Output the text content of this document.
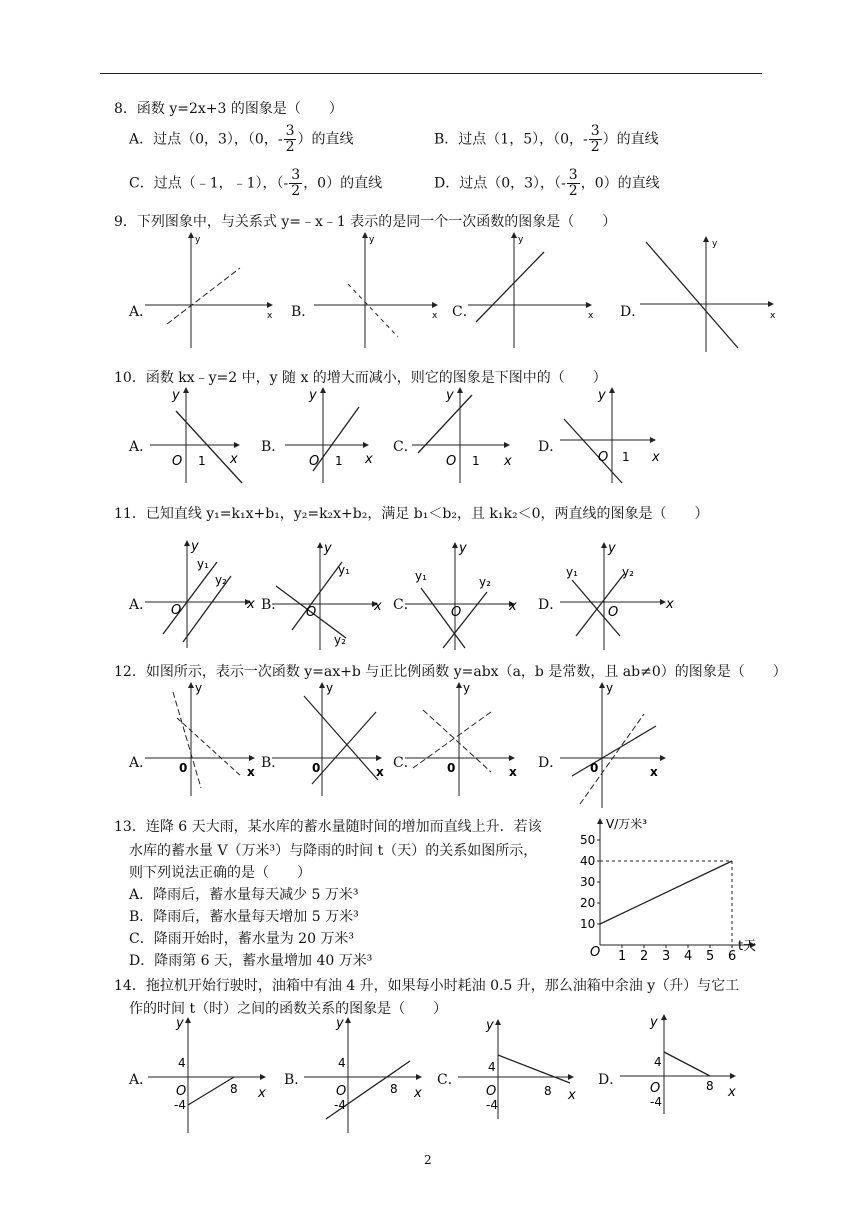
8．函数 y=2x+3 的图象是（　　）
A．过点（0，3），（0，- $\frac{3}{2}$ ）的直线	B．过点（1，5），（0，- $\frac{3}{2}$ ）的直线
C．过点（﹣1，﹣1），（- $\frac{3}{2}$ ，0）的直线	D．过点（0，3），（- $\frac{3}{2}$ ，0）的直线
9．下列图象中，与关系式 y=﹣x﹣1 表示的是同一个一次函数的图象是（　　）
A．	B．	C．	D．
y
x
y
x
y
x
y
x
10．函数 kx﹣y=2 中，y 随 x 的增大而减小，则它的图象是下图中的（　　）
A．	B．	C．	D．
y
x
O 1
y
x
O 1
y
x
O 1
y
x
O 1
11．已知直线 y₁=k₁x+b₁，y₂=k₂x+b₂，满足 b₁＜b₂，且 k₁k₂＜0，两直线的图象是（　　）
A．	B．	C．	D．
y
x
O
y₁
y₂
y
x
O
y₁
y₂
y
x
O
y₁	y₂
y
x
O
y₁	y₂
12．如图所示，表示一次函数 y=ax+b 与正比例函数 y=abx（a，b 是常数，且 ab≠0）的图象是（　　）
A．	B．	C．	D．
y
x
0
y
x
0
y
x
0
y
x
0
13．连降 6 天大雨，某水库的蓄水量随时间的增加而直线上升．若该
水库的蓄水量 V（万米³）与降雨的时间 t（天）的关系如图所示，
则下列说法正确的是（　　）
A．降雨后，蓄水量每天减少 5 万米³
B．降雨后，蓄水量每天增加 5 万米³
C．降雨开始时，蓄水量为 20 万米³
D．降雨第 6 天，蓄水量增加 40 万米³
10
20
30
40
50
1 2 3 4 5 6
V/万米³
t天
O
14．拖拉机开始行驶时，油箱中有油 4 升，如果每小时耗油 0.5 升，那么油箱中余油 y（升）与它工
作的时间 t（时）之间的函数关系的图象是（　　）
A．	B．	C．	D．
y
x
O
4
-4
8
y
x
O
4
-4
8
y
x
O
4
-4
8
y
x
O
4
-4
8
2
